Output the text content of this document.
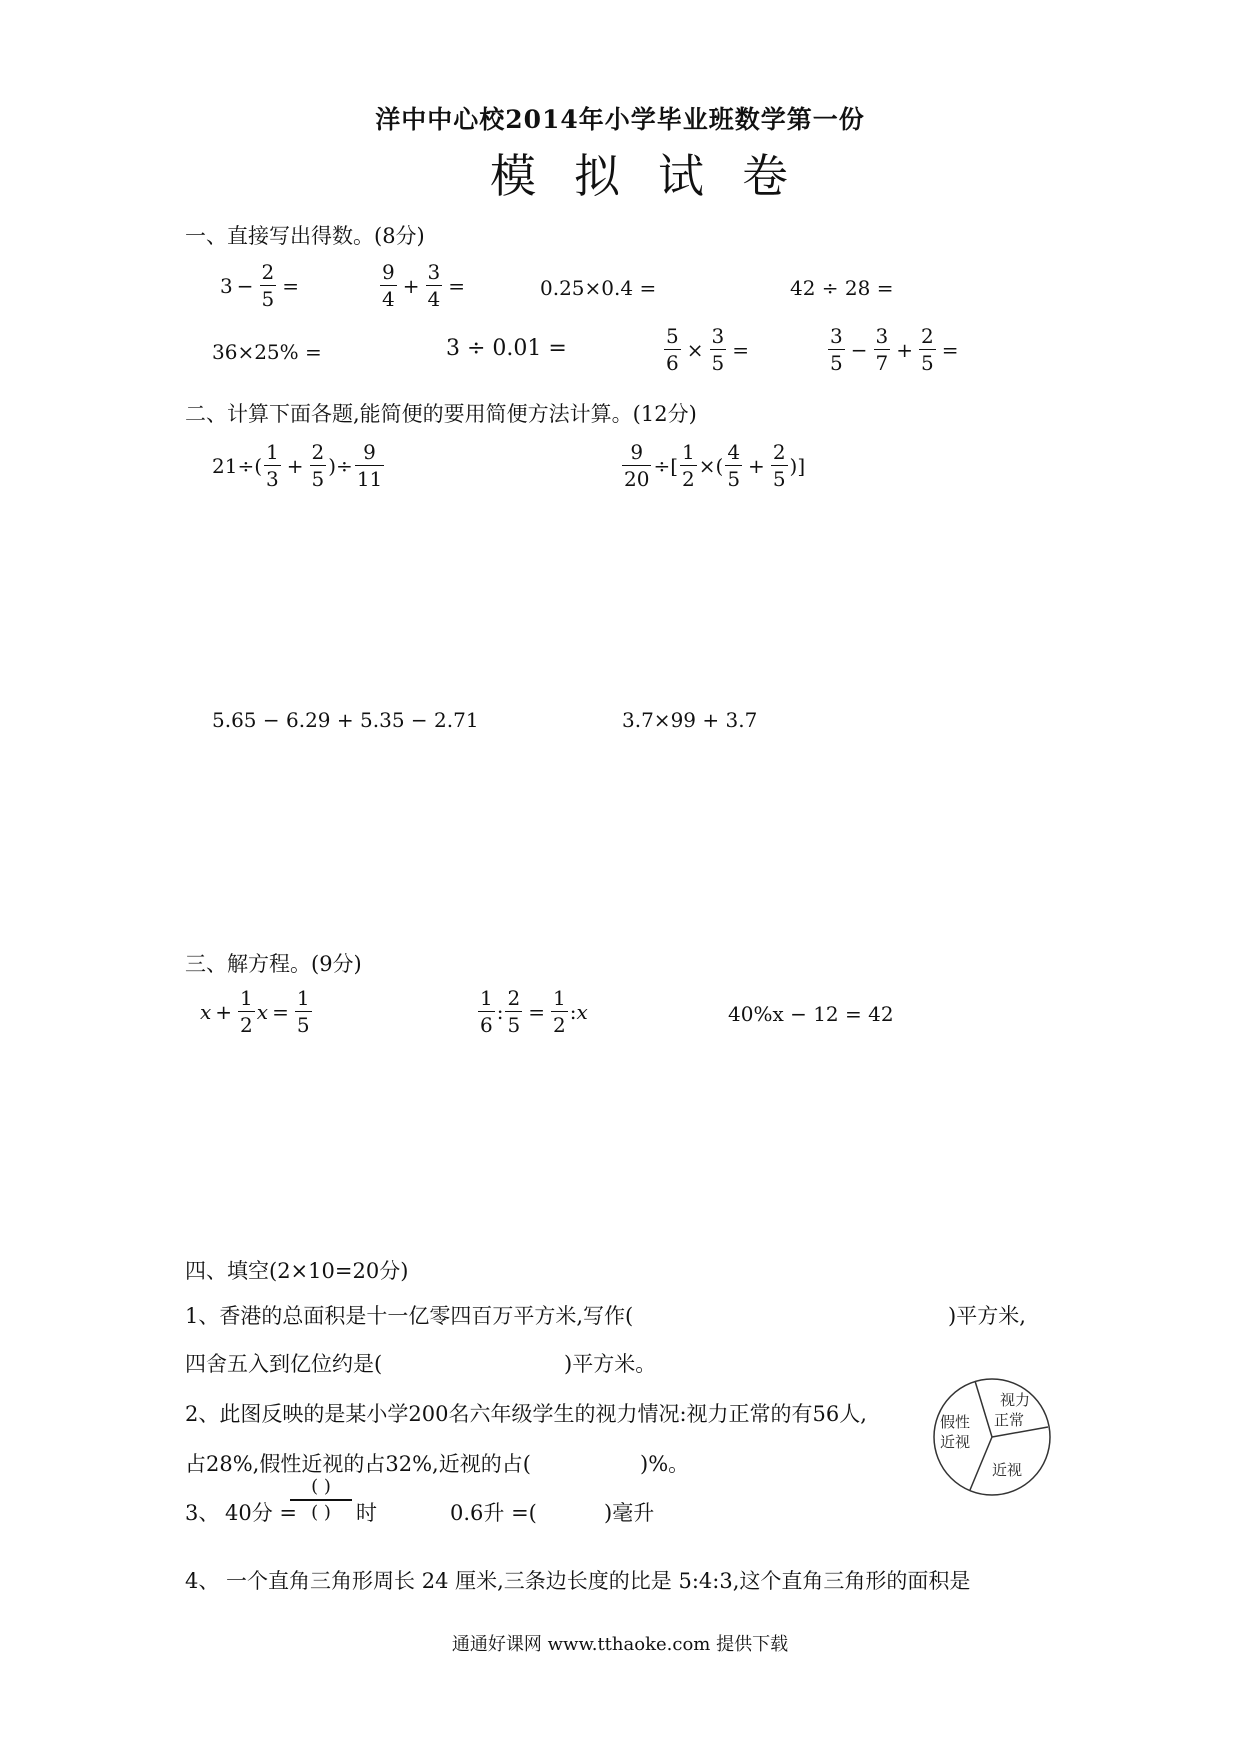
洋中中心校2014年小学毕业班数学第一份
模拟试卷
一、直接写出得数。(8分)
$3 - \frac{2}{5}$ =	$\frac{9}{4} + \frac{3}{4}$ =	0.25×0.4 =	42 ÷ 28 =
36×25% =	3 ÷ 0.01 =	$\frac{5}{6} \times \frac{3}{5}$ =	$\frac{3}{5} - \frac{3}{7} + \frac{2}{5}$ =
二、计算下面各题,能简便的要用简便方法计算。(12分)
$21\div( \frac{1}{3} + \frac{2}{5}$ )÷ $\frac{9}{11}$	$\frac{9}{20}$ ÷[ $\frac{1}{2}$ ×( $\frac{4}{5} + \frac{2}{5}$ )]
5.65 − 6.29 + 5.35 − 2.71	3.7×99 + 3.7
三、解方程。(9分)
$x + \frac{1}{2}$ $x = \frac{1}{5}$	$\frac{1}{6}$ : $\frac{2}{5} = \frac{1}{2}$ : x	40%x − 12 = 42
四、填空(2×10=20分)
1、香港的总面积是十一亿零四百万平方米,写作(	)平方米,
四舍五入到亿位约是(	)平方米。
2、此图反映的是某小学200名六年级学生的视力情况:视力正常的有56人,
占28%,假性近视的占32%,近视的占(	)%。
视力
正常
假性
近视
近视
3、 40分 =
( )
( ) 时	0.6升 =(	)毫升
4、 一个直角三角形周长 24 厘米,三条边长度的比是 5:4:3,这个直角三角形的面积是
通通好课网 www.tthaoke.com 提供下载
